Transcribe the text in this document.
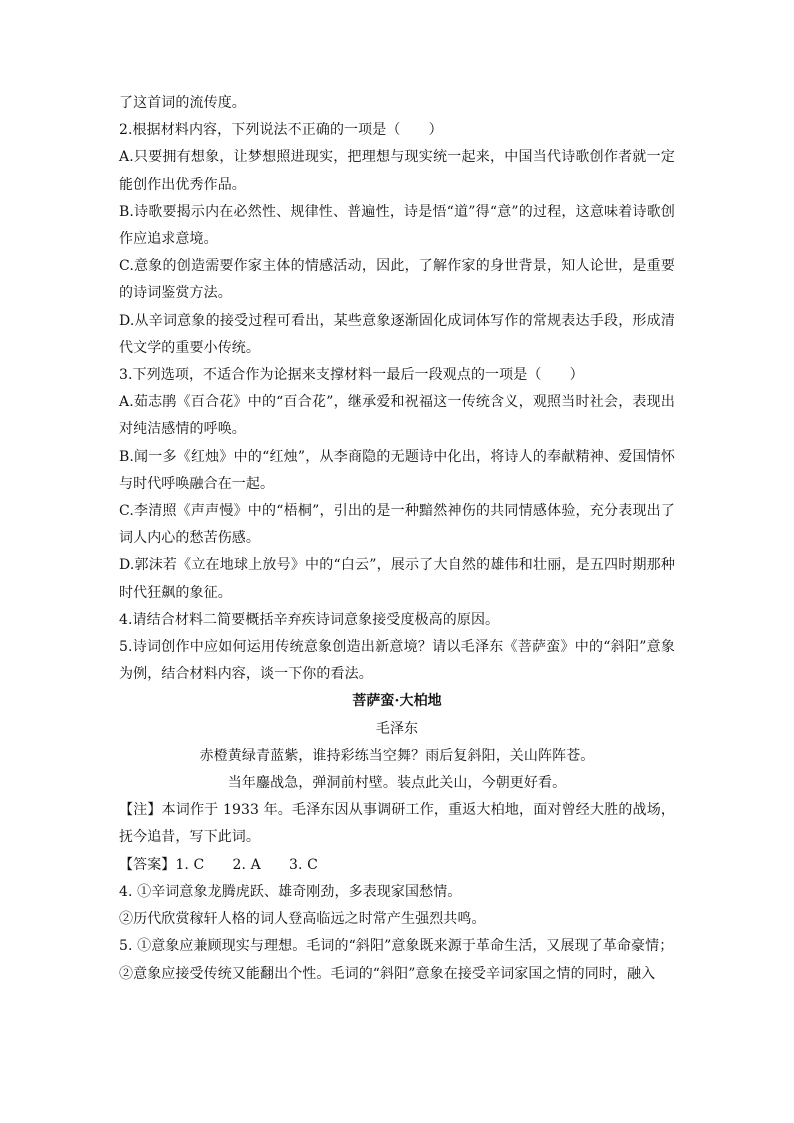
了这首词的流传度。

2.根据材料内容，下列说法不正确的一项是（　　）

A.只要拥有想象，让梦想照进现实，把理想与现实统一起来，中国当代诗歌创作者就一定能创作出优秀作品。

B.诗歌要揭示内在必然性、规律性、普遍性，诗是悟“道”得“意”的过程，这意味着诗歌创作应追求意境。

C.意象的创造需要作家主体的情感活动，因此，了解作家的身世背景，知人论世，是重要的诗词鉴赏方法。

D.从辛词意象的接受过程可看出，某些意象逐渐固化成词体写作的常规表达手段，形成清代文学的重要小传统。

3.下列选项，不适合作为论据来支撑材料一最后一段观点的一项是（　　）

A.茹志鹃《百合花》中的“百合花”，继承爱和祝福这一传统含义，观照当时社会，表现出对纯洁感情的呼唤。

B.闻一多《红烛》中的“红烛”，从李商隐的无题诗中化出，将诗人的奉献精神、爱国情怀与时代呼唤融合在一起。

C.李清照《声声慢》中的“梧桐”，引出的是一种黯然神伤的共同情感体验，充分表现出了词人内心的愁苦伤感。

D.郭沫若《立在地球上放号》中的“白云”，展示了大自然的雄伟和壮丽，是五四时期那种时代狂飙的象征。

4.请结合材料二简要概括辛弃疾诗词意象接受度极高的原因。

5.诗词创作中应如何运用传统意象创造出新意境？请以毛泽东《菩萨蛮》中的“斜阳”意象为例，结合材料内容，谈一下你的看法。

菩萨蛮·大柏地

毛泽东

赤橙黄绿青蓝紫，谁持彩练当空舞？雨后复斜阳，关山阵阵苍。

当年鏖战急，弹洞前村壁。装点此关山，今朝更好看。

【注】本词作于 1933 年。毛泽东因从事调研工作，重返大柏地，面对曾经大胜的战场，抚今追昔，写下此词。

【答案】1. C　　2. A　　3. C

4. ①辛词意象龙腾虎跃、雄奇刚劲，多表现家国愁情。

②历代欣赏稼轩人格的词人登高临远之时常产生强烈共鸣。

5. ①意象应兼顾现实与理想。毛词的“斜阳”意象既来源于革命生活，又展现了革命豪情；

②意象应接受传统又能翻出个性。毛词的“斜阳”意象在接受辛词家国之情的同时，融入
